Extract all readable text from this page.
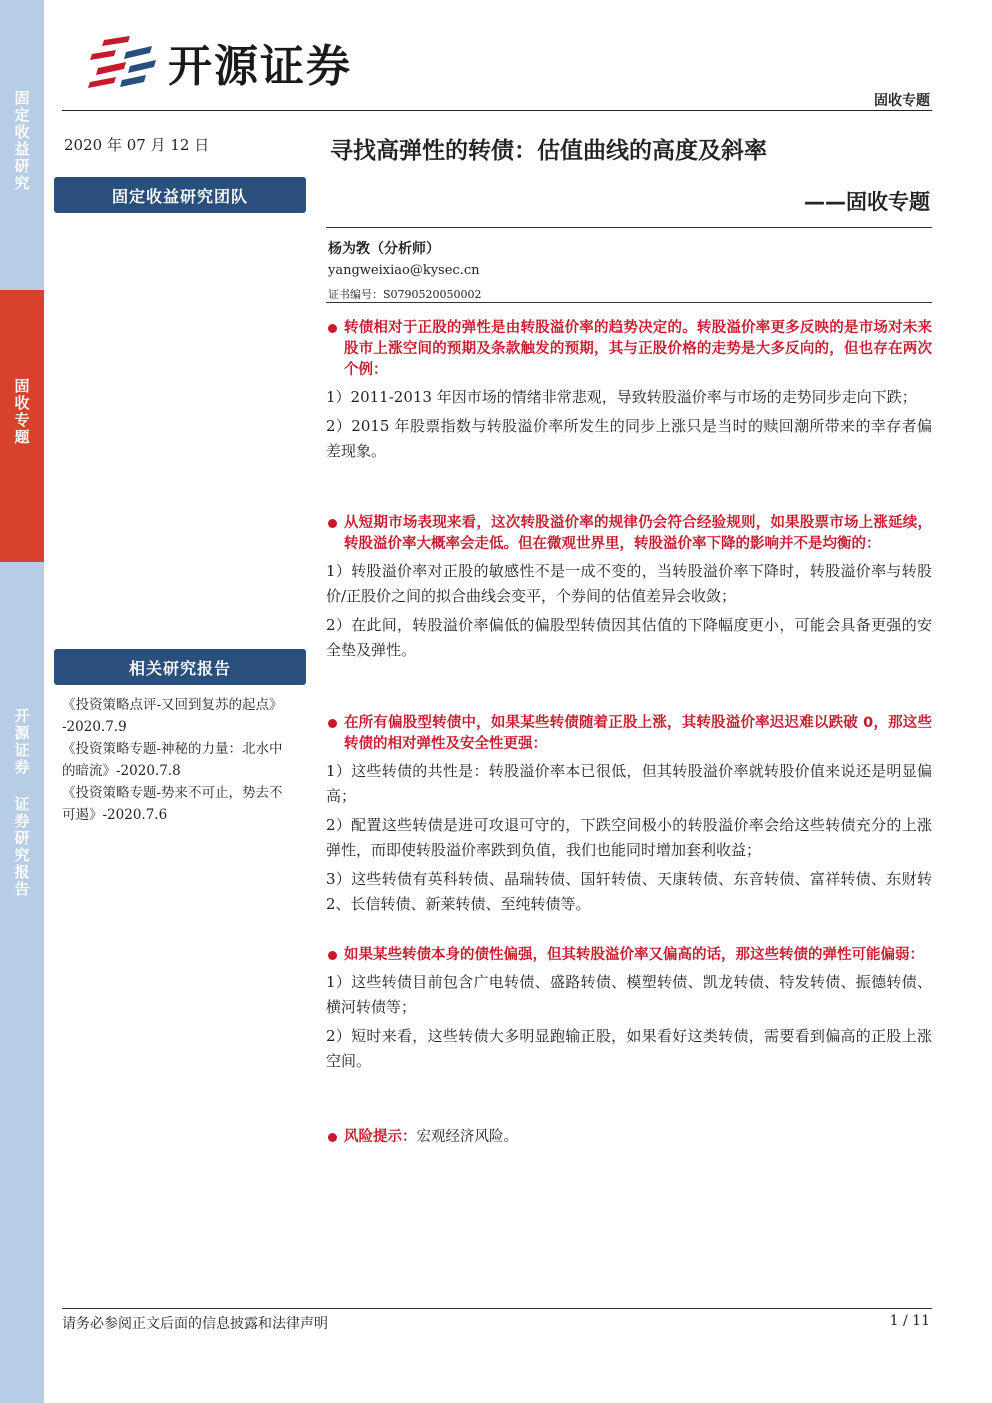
固定收益研究
固收专题
开源证券 证券研究报告
开源证券
固收专题
2020 年 07 月 12 日
固定收益研究团队
相关研究报告
《投资策略点评-又回到复苏的起点》
-2020.7.9
《投资策略专题-神秘的力量：北水中
的暗流》-2020.7.8
《投资策略专题-势来不可止，势去不
可遏》-2020.7.6
寻找高弹性的转债：估值曲线的高度及斜率
——固收专题
杨为敩（分析师）
yangweixiao@kysec.cn
证书编号：S0790520050002
转债相对于正股的弹性是由转股溢价率的趋势决定的。转股溢价率更多反映的是市场对未来股市上涨空间的预期及条款触发的预期，其与正股价格的走势是大多反向的，但也存在两次个例：
1）2011-2013 年因市场的情绪非常悲观，导致转股溢价率与市场的走势同步走向下跌；
2）2015 年股票指数与转股溢价率所发生的同步上涨只是当时的赎回潮所带来的幸存者偏差现象。
从短期市场表现来看，这次转股溢价率的规律仍会符合经验规则，如果股票市场上涨延续，转股溢价率大概率会走低。但在微观世界里，转股溢价率下降的影响并不是均衡的：
1）转股溢价率对正股的敏感性不是一成不变的，当转股溢价率下降时，转股溢价率与转股价/正股价之间的拟合曲线会变平，个券间的估值差异会收敛；
2）在此间，转股溢价率偏低的偏股型转债因其估值的下降幅度更小，可能会具备更强的安全垫及弹性。
在所有偏股型转债中，如果某些转债随着正股上涨，其转股溢价率迟迟难以跌破 0，那这些转债的相对弹性及安全性更强：
1）这些转债的共性是：转股溢价率本已很低，但其转股溢价率就转股价值来说还是明显偏高；
2）配置这些转债是进可攻退可守的，下跌空间极小的转股溢价率会给这些转债充分的上涨弹性，而即使转股溢价率跌到负值，我们也能同时增加套利收益；
3）这些转债有英科转债、晶瑞转债、国轩转债、天康转债、东音转债、富祥转债、东财转 2、长信转债、新莱转债、至纯转债等。
如果某些转债本身的债性偏强，但其转股溢价率又偏高的话，那这些转债的弹性可能偏弱：
1）这些转债目前包含广电转债、盛路转债、模塑转债、凯龙转债、特发转债、振德转债、横河转债等；
2）短时来看，这些转债大多明显跑输正股，如果看好这类转债，需要看到偏高的正股上涨空间。
风险提示：宏观经济风险。
请务必参阅正文后面的信息披露和法律声明	1 / 11
